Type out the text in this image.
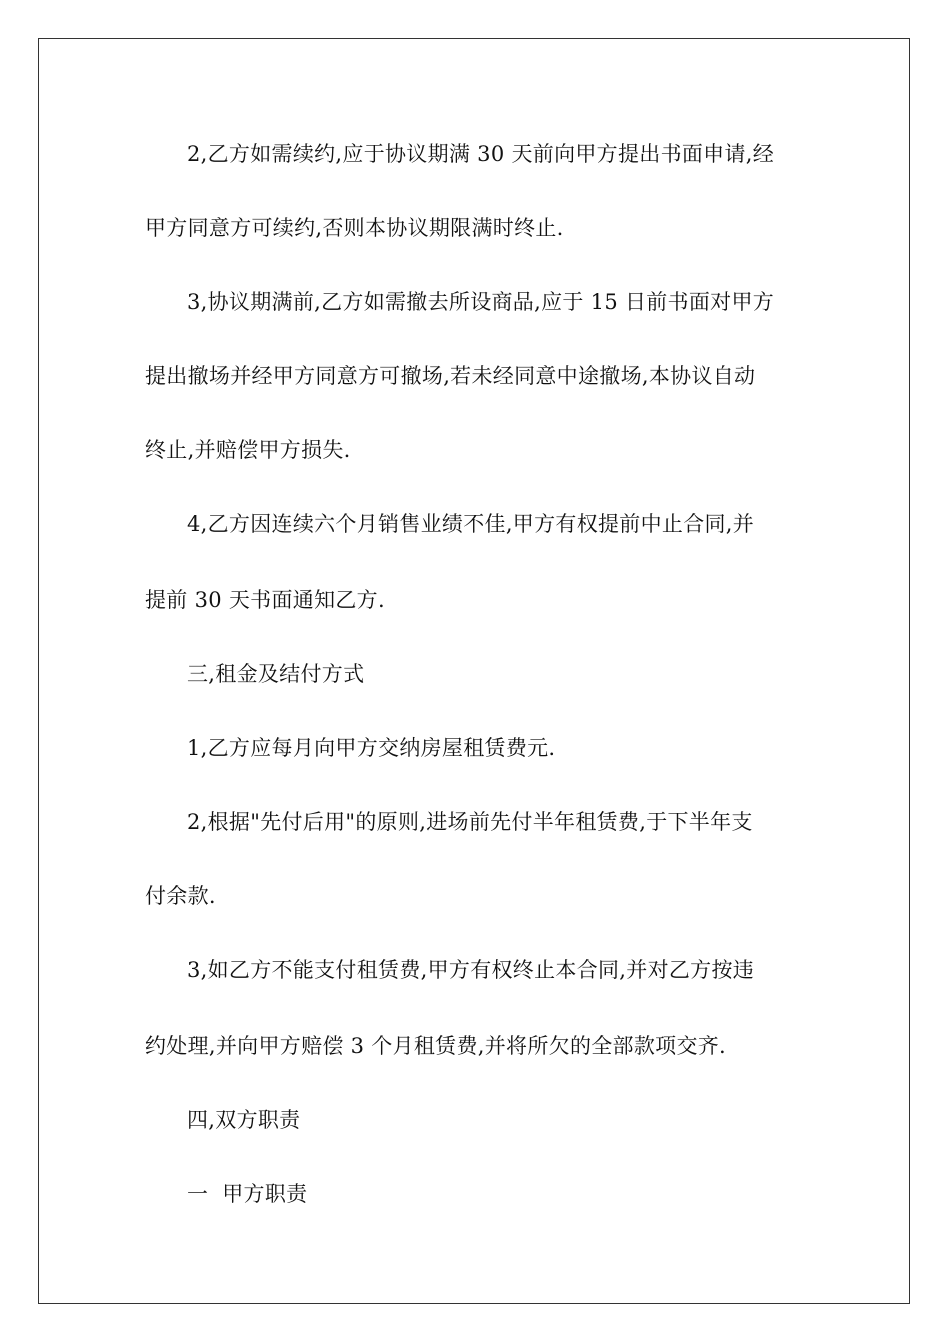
2,乙方如需续约,应于协议期满 30 天前向甲方提出书面申请,经

甲方同意方可续约,否则本协议期限满时终止.

3,协议期满前,乙方如需撤去所设商品,应于 15 日前书面对甲方

提出撤场并经甲方同意方可撤场,若未经同意中途撤场,本协议自动

终止,并赔偿甲方损失.

4,乙方因连续六个月销售业绩不佳,甲方有权提前中止合同,并

提前 30 天书面通知乙方.

三,租金及结付方式

1,乙方应每月向甲方交纳房屋租赁费元.

2,根据"先付后用"的原则,进场前先付半年租赁费,于下半年支

付余款.

3,如乙方不能支付租赁费,甲方有权终止本合同,并对乙方按违

约处理,并向甲方赔偿 3 个月租赁费,并将所欠的全部款项交齐.

四,双方职责

一  甲方职责
